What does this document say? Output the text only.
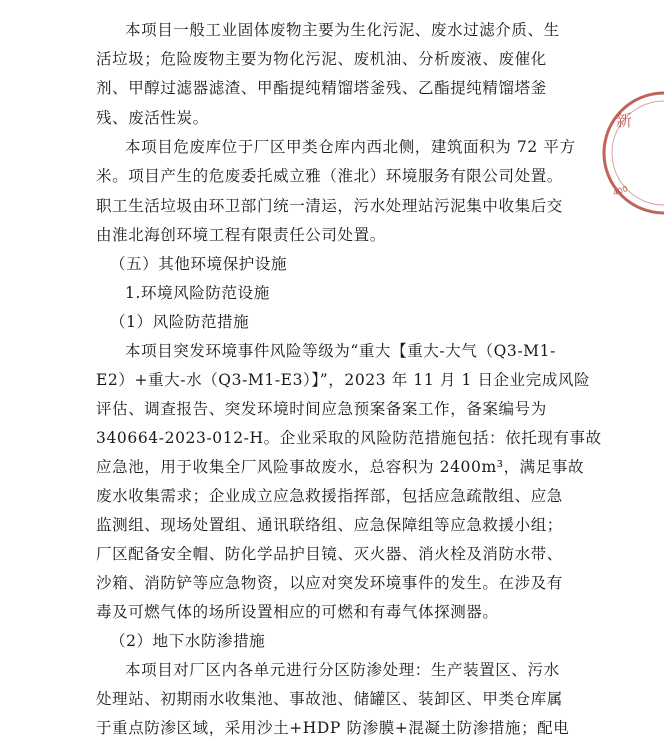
本项目一般工业固体废物主要为生化污泥、废水过滤介质、生
活垃圾；危险废物主要为物化污泥、废机油、分析废液、废催化
剂、甲醇过滤器滤渣、甲酯提纯精馏塔釜残、乙酯提纯精馏塔釜
残、废活性炭。
本项目危废库位于厂区甲类仓库内西北侧，建筑面积为 72 平方
米。项目产生的危废委托威立雅（淮北）环境服务有限公司处置。
职工生活垃圾由环卫部门统一清运，污水处理站污泥集中收集后交
由淮北海创环境工程有限责任公司处置。
（五）其他环境保护设施
1.环境风险防范设施
（1）风险防范措施
本项目突发环境事件风险等级为“重大【重大-大气（Q3-M1-
E2）+重大-水（Q3-M1-E3）】”，2023 年 11 月 1 日企业完成风险
评估、调查报告、突发环境时间应急预案备案工作，备案编号为
340664-2023-012-H。企业采取的风险防范措施包括：依托现有事故
应急池，用于收集全厂风险事故废水，总容积为 2400m³，满足事故
废水收集需求；企业成立应急救援指挥部，包括应急疏散组、应急
监测组、现场处置组、通讯联络组、应急保障组等应急救援小组；
厂区配备安全帽、防化学品护目镜、灭火器、消火栓及消防水带、
沙箱、消防铲等应急物资，以应对突发环境事件的发生。在涉及有
毒及可燃气体的场所设置相应的可燃和有毒气体探测器。
（2）地下水防渗措施
本项目对厂区内各单元进行分区防渗处理：生产装置区、污水
处理站、初期雨水收集池、事故池、储罐区、装卸区、甲类仓库属
于重点防渗区域，采用沙土+HDP 防渗膜+混凝土防渗措施；配电
新
400
